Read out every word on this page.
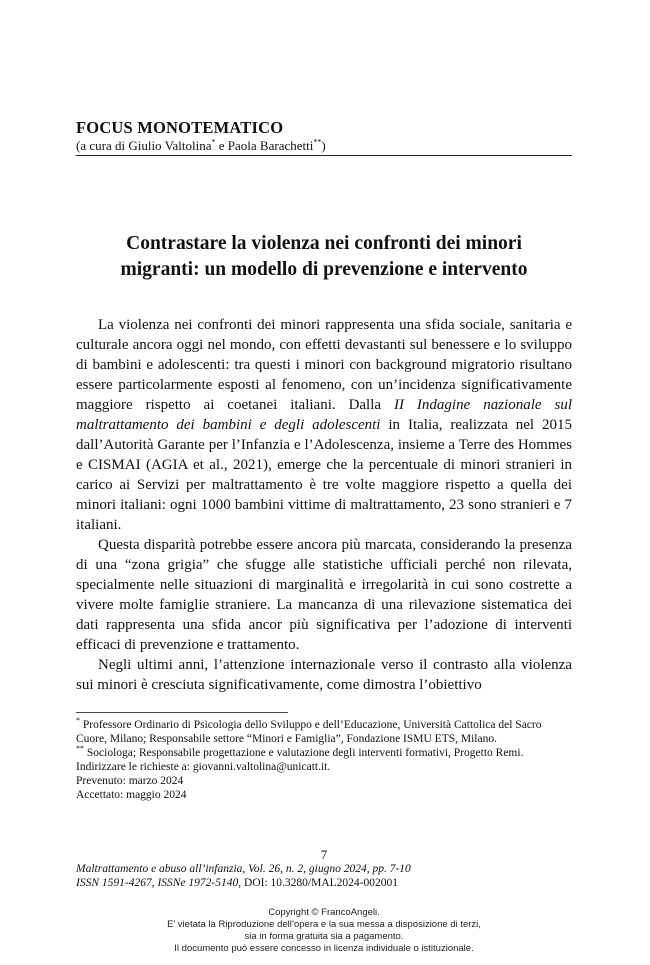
FOCUS MONOTEMATICO
(a cura di Giulio Valtolina* e Paola Barachetti**)
Contrastare la violenza nei confronti dei minori migranti: un modello di prevenzione e intervento

La violenza nei confronti dei minori rappresenta una sfida sociale, sanitaria e culturale ancora oggi nel mondo, con effetti devastanti sul benessere e lo sviluppo di bambini e adolescenti: tra questi i minori con background migratorio risultano essere particolarmente esposti al fenomeno, con un’incidenza significativamente maggiore rispetto ai coetanei italiani. Dalla II Indagine nazionale sul maltrattamento dei bambini e degli adolescenti in Italia, realizzata nel 2015 dall’Autorità Garante per l’Infanzia e l’Adolescenza, insieme a Terre des Hommes e CISMAI (AGIA et al., 2021), emerge che la percentuale di minori stranieri in carico ai Servizi per maltrattamento è tre volte maggiore rispetto a quella dei minori italiani: ogni 1000 bambini vittime di maltrattamento, 23 sono stranieri e 7 italiani.

Questa disparità potrebbe essere ancora più marcata, considerando la presenza di una “zona grigia” che sfugge alle statistiche ufficiali perché non rilevata, specialmente nelle situazioni di marginalità e irregolarità in cui sono costrette a vivere molte famiglie straniere. La mancanza di una rilevazione sistematica dei dati rappresenta una sfida ancor più significativa per l’adozione di interventi efficaci di prevenzione e trattamento.

Negli ultimi anni, l’attenzione internazionale verso il contrasto alla violenza sui minori è cresciuta significativamente, come dimostra l’obiettivo

* Professore Ordinario di Psicologia dello Sviluppo e dell’Educazione, Università Cattolica del Sacro Cuore, Milano; Responsabile settore “Minori e Famiglia”, Fondazione ISMU ETS, Milano.

** Sociologa; Responsabile progettazione e valutazione degli interventi formativi, Progetto Remi.

Indirizzare le richieste a: giovanni.valtolina@unicatt.it.

Prevenuto: marzo 2024

Accettato: maggio 2024

7
Maltrattamento e abuso all’infanzia, Vol. 26, n. 2, giugno 2024, pp. 7-10
ISSN 1591-4267, ISSNe 1972-5140, DOI: 10.3280/MAL2024-002001
Copyright © FrancoAngeli.
E’ vietata la Riproduzione dell’opera e la sua messa a disposizione di terzi,
sia in forma gratuita sia a pagamento.
Il documento può essere concesso in licenza individuale o istituzionale.
